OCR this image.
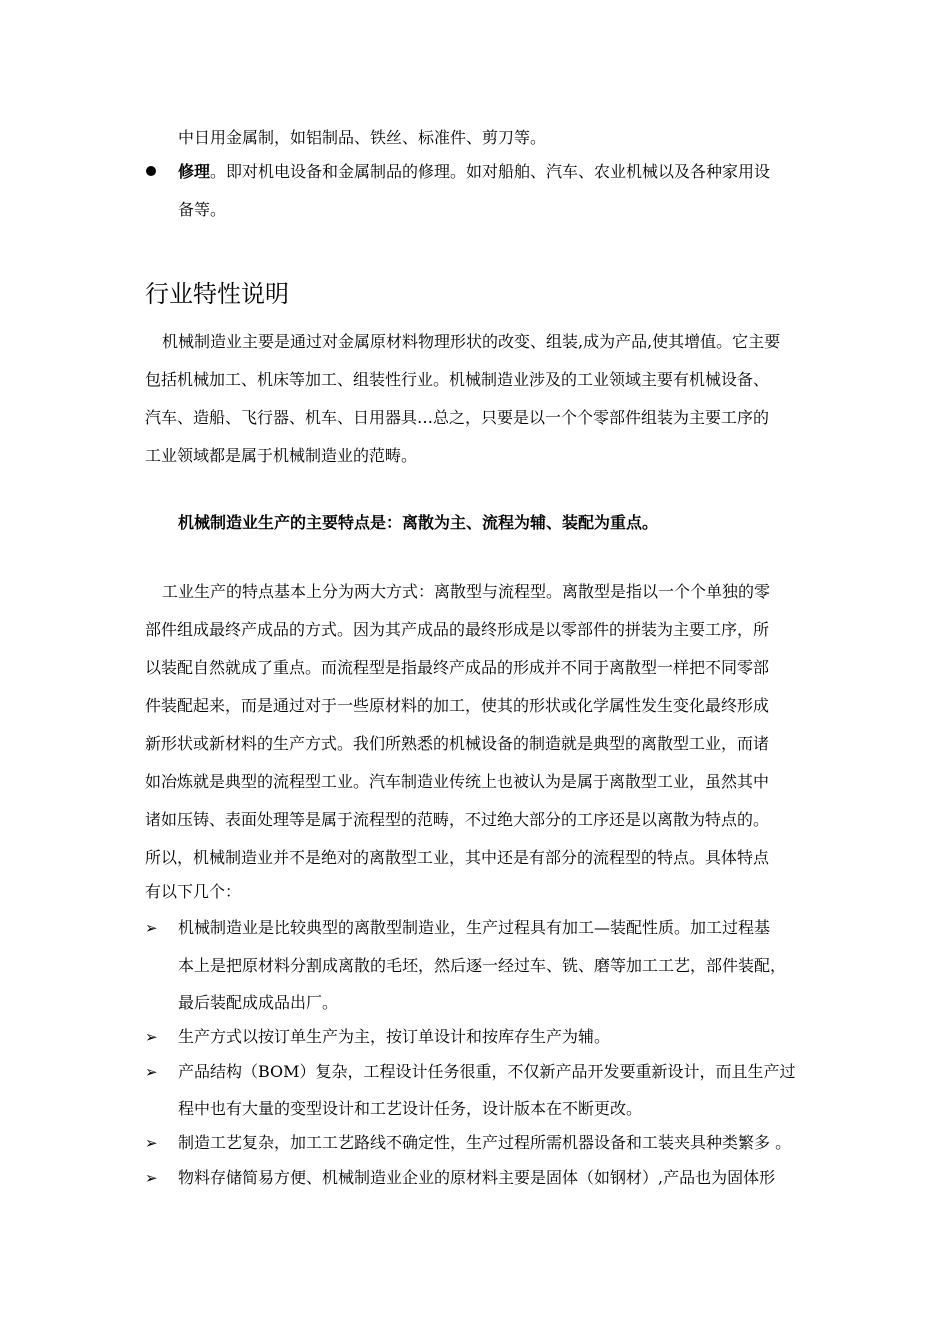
中日用金属制，如铝制品、铁丝、标准件、剪刀等。
修理。即对机电设备和金属制品的修理。如对船舶、汽车、农业机械以及各种家用设
备等。
行业特性说明
机械制造业主要是通过对金属原材料物理形状的改变、组装,成为产品,使其增值。它主要
包括机械加工、机床等加工、组装性行业。机械制造业涉及的工业领域主要有机械设备、
汽车、造船、飞行器、机车、日用器具…总之，只要是以一个个零部件组装为主要工序的
工业领域都是属于机械制造业的范畴。
机械制造业生产的主要特点是：离散为主、流程为辅、装配为重点。
工业生产的特点基本上分为两大方式：离散型与流程型。离散型是指以一个个单独的零
部件组成最终产成品的方式。因为其产成品的最终形成是以零部件的拼装为主要工序，所
以装配自然就成了重点。而流程型是指最终产成品的形成并不同于离散型一样把不同零部
件装配起来，而是通过对于一些原材料的加工，使其的形状或化学属性发生变化最终形成
新形状或新材料的生产方式。我们所熟悉的机械设备的制造就是典型的离散型工业，而诸
如冶炼就是典型的流程型工业。汽车制造业传统上也被认为是属于离散型工业，虽然其中
诸如压铸、表面处理等是属于流程型的范畴，不过绝大部分的工序还是以离散为特点的。
所以，机械制造业并不是绝对的离散型工业，其中还是有部分的流程型的特点。具体特点
有以下几个：
➢ 机械制造业是比较典型的离散型制造业，生产过程具有加工—装配性质。加工过程基
本上是把原材料分割成离散的毛坯，然后逐一经过车、铣、磨等加工工艺，部件装配，
最后装配成成品出厂。
➢ 生产方式以按订单生产为主，按订单设计和按库存生产为辅。
➢ 产品结构（BOM）复杂，工程设计任务很重，不仅新产品开发要重新设计，而且生产过
程中也有大量的变型设计和工艺设计任务，设计版本在不断更改。
➢ 制造工艺复杂，加工工艺路线不确定性，生产过程所需机器设备和工装夹具种类繁多 。
➢ 物料存储简易方便、机械制造业企业的原材料主要是固体（如钢材）,产品也为固体形
